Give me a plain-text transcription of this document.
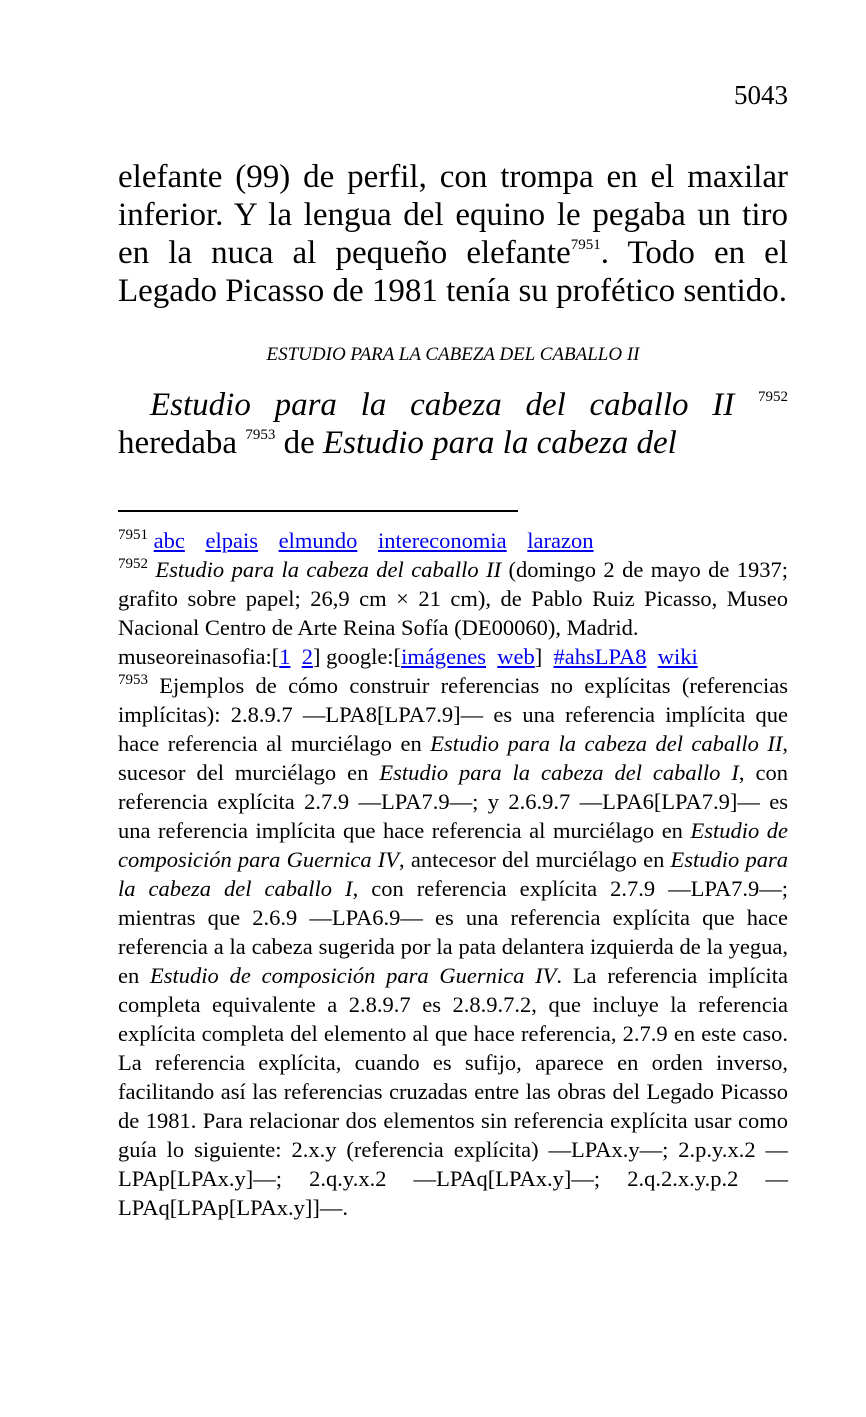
5043

elefante (99) de perfil, con trompa en el maxilar inferior. Y la lengua del equino le pegaba un tiro en la nuca al pequeño elefante$^{7951}$. Todo en el Legado Picasso de 1981 tenía su profético sentido.

ESTUDIO PARA LA CABEZA DEL CABALLO II

Estudio para la cabeza del caballo II $^{7952}$ heredaba $^{7953}$ de Estudio para la cabeza del

$^{7951}$ abc elpais elmundo intereconomia larazon

$^{7952}$ Estudio para la cabeza del caballo II (domingo 2 de mayo de 1937; grafito sobre papel; 26,9 cm × 21 cm), de Pablo Ruiz Picasso, Museo Nacional Centro de Arte Reina Sofía (DE00060), Madrid.

museoreinasofia:[1 2] google:[imágenes web] #ahsLPA8 wiki

$^{7953}$ Ejemplos de cómo construir referencias no explícitas (referencias implícitas): 2.8.9.7 —LPA8[LPA7.9]— es una referencia implícita que hace referencia al murciélago en Estudio para la cabeza del caballo II, sucesor del murciélago en Estudio para la cabeza del caballo I, con referencia explícita 2.7.9 —LPA7.9—; y 2.6.9.7 —LPA6[LPA7.9]— es una referencia implícita que hace referencia al murciélago en Estudio de composición para Guernica IV, antecesor del murciélago en Estudio para la cabeza del caballo I, con referencia explícita 2.7.9 —LPA7.9—; mientras que 2.6.9 —LPA6.9— es una referencia explícita que hace referencia a la cabeza sugerida por la pata delantera izquierda de la yegua, en Estudio de composición para Guernica IV. La referencia implícita completa equivalente a 2.8.9.7 es 2.8.9.7.2, que incluye la referencia explícita completa del elemento al que hace referencia, 2.7.9 en este caso. La referencia explícita, cuando es sufijo, aparece en orden inverso, facilitando así las referencias cruzadas entre las obras del Legado Picasso de 1981. Para relacionar dos elementos sin referencia explícita usar como guía lo siguiente: 2.x.y (referencia explícita) —LPAx.y—; 2.p.y.x.2 —LPAp[LPAx.y]—; 2.q.y.x.2 —LPAq[LPAx.y]—; 2.q.2.x.y.p.2 —LPAq[LPAp[LPAx.y]]—.
